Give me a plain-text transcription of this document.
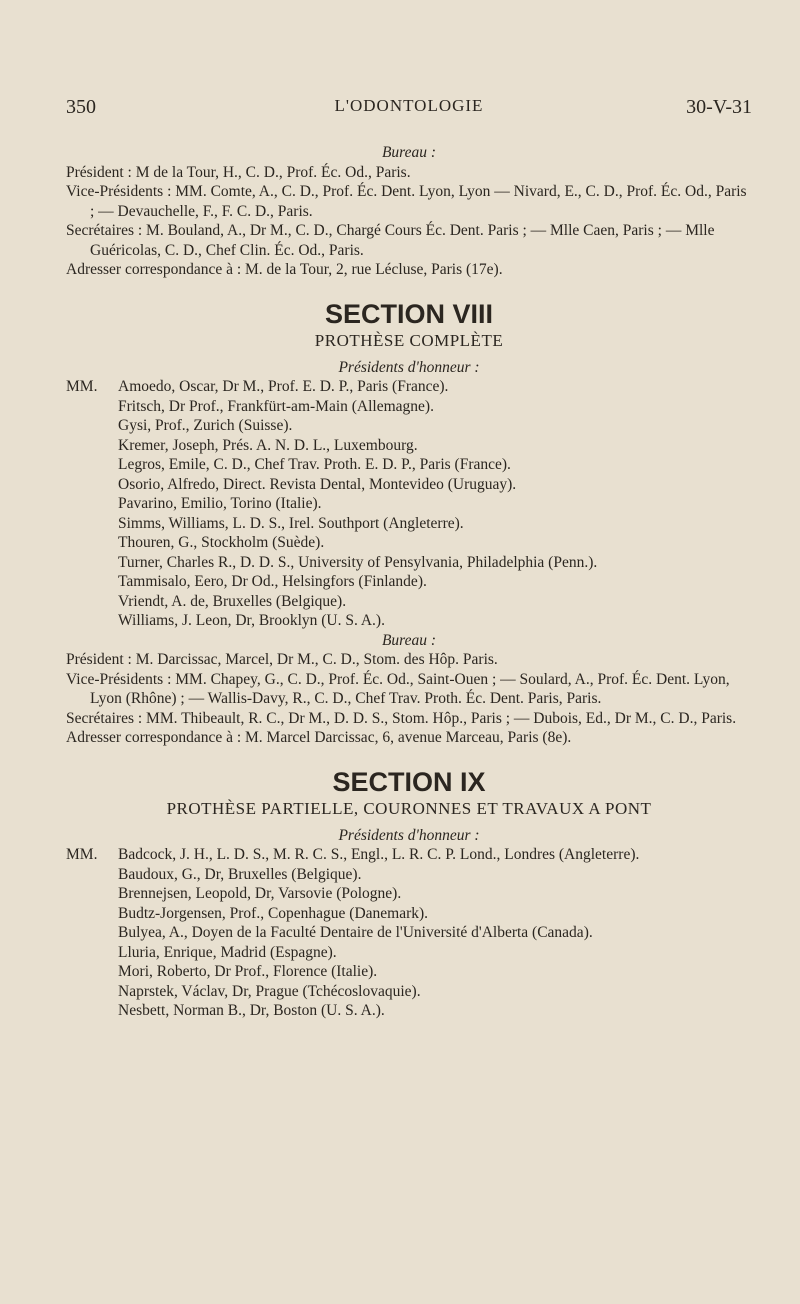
350	L'ODONTOLOGIE	30-V-31
Bureau :
Président : M de la Tour, H., C. D., Prof. Éc. Od., Paris.
Vice-Présidents : MM. Comte, A., C. D., Prof. Éc. Dent. Lyon, Lyon — Nivard, E., C. D., Prof. Éc. Od., Paris ; — Devauchelle, F., F. C. D., Paris.
Secrétaires : M. Bouland, A., Dr M., C. D., Chargé Cours Éc. Dent. Paris ; — Mlle Caen, Paris ; — Mlle Guéricolas, C. D., Chef Clin. Éc. Od., Paris.
Adresser correspondance à : M. de la Tour, 2, rue Lécluse, Paris (17e).
SECTION VIII
PROTHÈSE COMPLÈTE
Présidents d'honneur :
MM. Amoedo, Oscar, Dr M., Prof. E. D. P., Paris (France).
Fritsch, Dr Prof., Frankfürt-am-Main (Allemagne).
Gysi, Prof., Zurich (Suisse).
Kremer, Joseph, Prés. A. N. D. L., Luxembourg.
Legros, Emile, C. D., Chef Trav. Proth. E. D. P., Paris (France).
Osorio, Alfredo, Direct. Revista Dental, Montevideo (Uruguay).
Pavarino, Emilio, Torino (Italie).
Simms, Williams, L. D. S., Irel. Southport (Angleterre).
Thouren, G., Stockholm (Suède).
Turner, Charles R., D. D. S., University of Pensylvania, Philadelphia (Penn.).
Tammisalo, Eero, Dr Od., Helsingfors (Finlande).
Vriendt, A. de, Bruxelles (Belgique).
Williams, J. Leon, Dr, Brooklyn (U. S. A.).
Bureau :
Président : M. Darcissac, Marcel, Dr M., C. D., Stom. des Hôp. Paris.
Vice-Présidents : MM. Chapey, G., C. D., Prof. Éc. Od., Saint-Ouen ; — Soulard, A., Prof. Éc. Dent. Lyon, Lyon (Rhône) ; — Wallis-Davy, R., C. D., Chef Trav. Proth. Éc. Dent. Paris, Paris.
Secrétaires : MM. Thibeault, R. C., Dr M., D. D. S., Stom. Hôp., Paris ; — Dubois, Ed., Dr M., C. D., Paris.
Adresser correspondance à : M. Marcel Darcissac, 6, avenue Marceau, Paris (8e).
SECTION IX
PROTHÈSE PARTIELLE, COURONNES ET TRAVAUX A PONT
Présidents d'honneur :
MM. Badcock, J. H., L. D. S., M. R. C. S., Engl., L. R. C. P. Lond., Londres (Angleterre).
Baudoux, G., Dr, Bruxelles (Belgique).
Brennejsen, Leopold, Dr, Varsovie (Pologne).
Budtz-Jorgensen, Prof., Copenhague (Danemark).
Bulyea, A., Doyen de la Faculté Dentaire de l'Université d'Alberta (Canada).
Lluria, Enrique, Madrid (Espagne).
Mori, Roberto, Dr Prof., Florence (Italie).
Naprstek, Václav, Dr, Prague (Tchécoslovaquie).
Nesbett, Norman B., Dr, Boston (U. S. A.).
